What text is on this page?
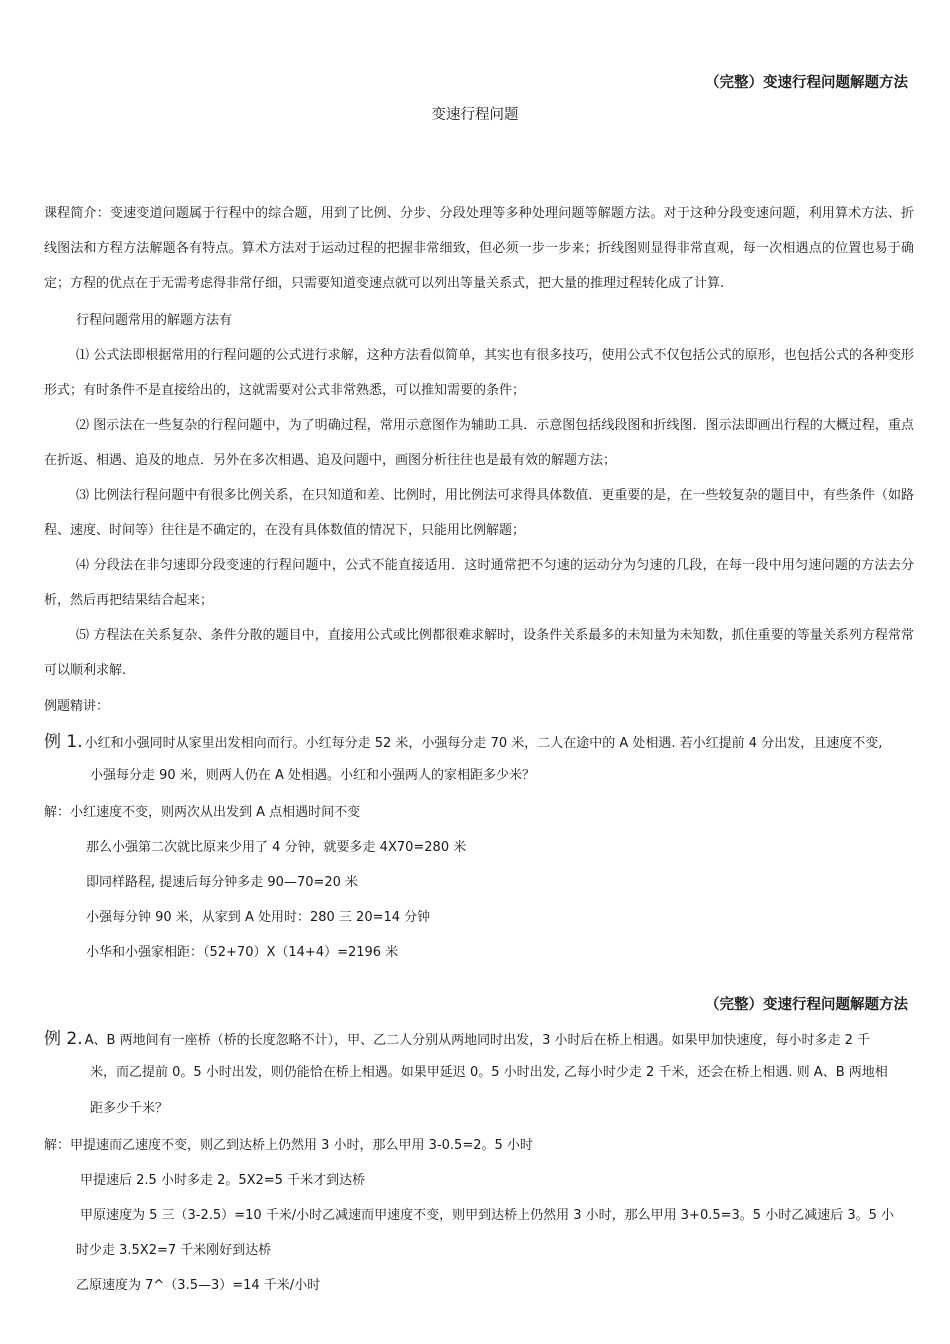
（完整）变速行程问题解题方法
变速行程问题
课程简介：变速变道问题属于行程中的综合题，用到了比例、分步、分段处理等多种处理问题等解题方法。对于这种分段变速问题，利用算术方法、折线图法和方程方法解题各有特点。算术方法对于运动过程的把握非常细致，但必须一步一步来；折线图则显得非常直观，每一次相遇点的位置也易于确定；方程的优点在于无需考虑得非常仔细，只需要知道变速点就可以列出等量关系式，把大量的推理过程转化成了计算.
行程问题常用的解题方法有
⑴ 公式法即根据常用的行程问题的公式进行求解，这种方法看似简单，其实也有很多技巧，使用公式不仅包括公式的原形，也包括公式的各种变形形式；有时条件不是直接给出的，这就需要对公式非常熟悉，可以推知需要的条件；
⑵ 图示法在一些复杂的行程问题中，为了明确过程，常用示意图作为辅助工具．示意图包括线段图和折线图．图示法即画出行程的大概过程，重点在折返、相遇、追及的地点．另外在多次相遇、追及问题中，画图分析往往也是最有效的解题方法；
⑶ 比例法行程问题中有很多比例关系，在只知道和差、比例时，用比例法可求得具体数值．更重要的是，在一些较复杂的题目中，有些条件（如路程、速度、时间等）往往是不确定的，在没有具体数值的情况下，只能用比例解题；
⑷ 分段法在非匀速即分段变速的行程问题中，公式不能直接适用．这时通常把不匀速的运动分为匀速的几段，在每一段中用匀速问题的方法去分析，然后再把结果结合起来；
⑸ 方程法在关系复杂、条件分散的题目中，直接用公式或比例都很难求解时，设条件关系最多的未知量为未知数，抓住重要的等量关系列方程常常可以顺利求解.
例题精讲：
例 1. 小红和小强同时从家里出发相向而行。小红每分走 52 米，小强每分走 70 米，二人在途中的 A 处相遇. 若小红提前 4 分出发，且速度不变,
小强每分走 90 米，则两人仍在 A 处相遇。小红和小强两人的家相距多少米？
解：小红速度不变，则两次从出发到 A 点相遇时间不变
那么小强第二次就比原来少用了 4 分钟，就要多走 4X70=280 米
即同样路程, 提速后每分钟多走 90—70=20 米
小强每分钟 90 米，从家到 A 处用时：280 三 20=14 分钟
小华和小强家相距：（52+70）X（14+4）=2196 米
（完整）变速行程问题解题方法
例 2. A、B 两地间有一座桥（桥的长度忽略不计），甲、乙二人分别从两地同时出发，3 小时后在桥上相遇。如果甲加快速度，每小时多走 2 千
米，而乙提前 0。5 小时出发，则仍能恰在桥上相遇。如果甲延迟 0。5 小时出发, 乙每小时少走 2 千米，还会在桥上相遇. 则 A、B 两地相
距多少千米？
解：甲提速而乙速度不变，则乙到达桥上仍然用 3 小时，那么甲用 3-0.5=2。5 小时
甲提速后 2.5 小时多走 2。5X2=5 千米才到达桥
甲原速度为 5 三（3-2.5）=10 千米/小时乙减速而甲速度不变，则甲到达桥上仍然用 3 小时，那么甲用 3+0.5=3。5 小时乙减速后 3。5 小
时少走 3.5X2=7 千米刚好到达桥
乙原速度为 7^（3.5—3）=14 千米/小时
